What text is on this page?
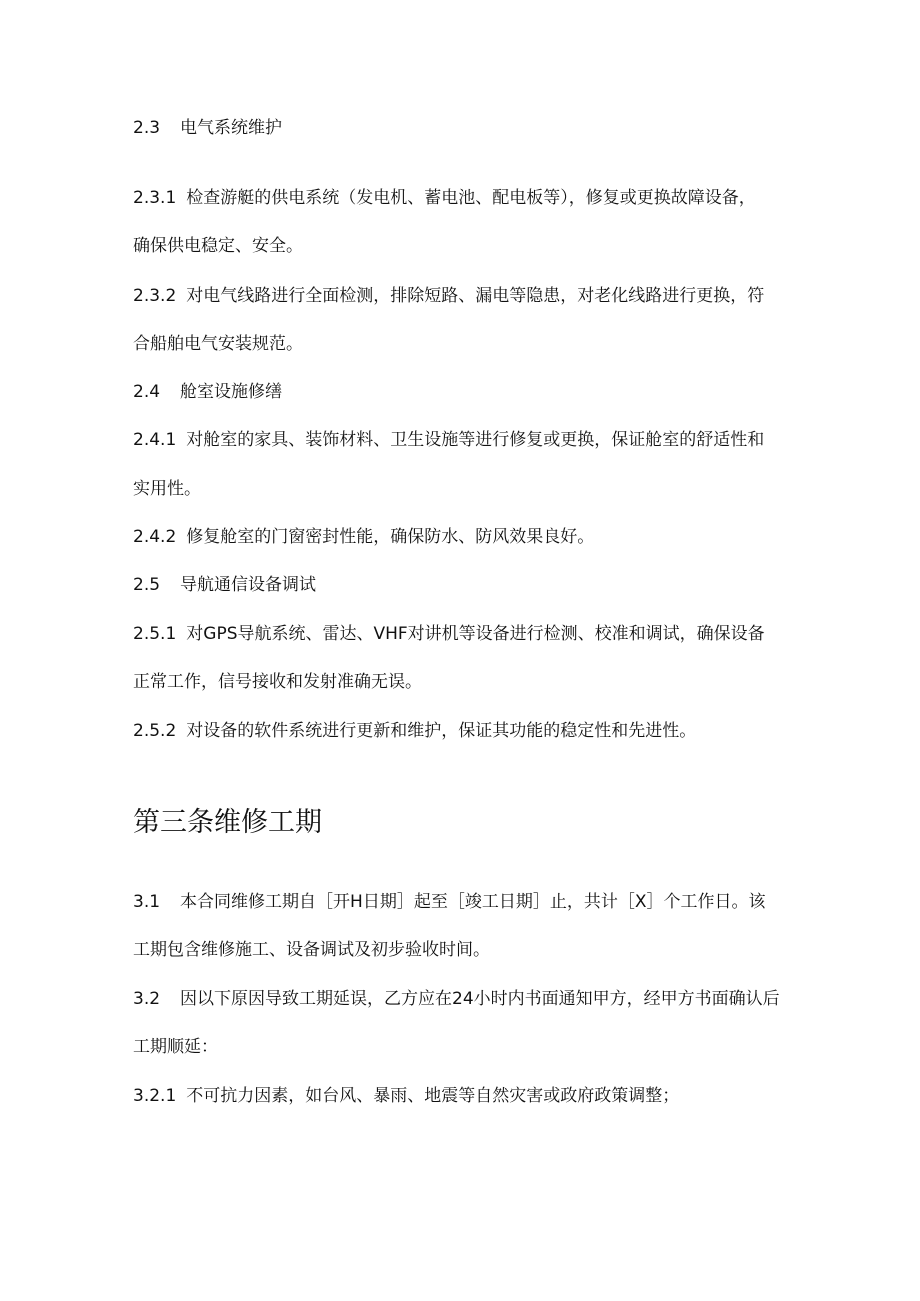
2.3 电气系统维护
2.3.1 检查游艇的供电系统（发电机、蓄电池、配电板等），修复或更换故障设备，
确保供电稳定、安全。
2.3.2 对电气线路进行全面检测，排除短路、漏电等隐患，对老化线路进行更换，符
合船舶电气安装规范。
2.4 舱室设施修缮
2.4.1 对舱室的家具、装饰材料、卫生设施等进行修复或更换，保证舱室的舒适性和
实用性。
2.4.2 修复舱室的门窗密封性能，确保防水、防风效果良好。
2.5 导航通信设备调试
2.5.1 对GPS导航系统、雷达、VHF对讲机等设备进行检测、校准和调试，确保设备
正常工作，信号接收和发射准确无误。
2.5.2 对设备的软件系统进行更新和维护，保证其功能的稳定性和先进性。
第三条维修工期
3.1 本合同维修工期自［开H日期］起至［竣工日期］止，共计［X］个工作日。该
工期包含维修施工、设备调试及初步验收时间。
3.2 因以下原因导致工期延误，乙方应在24小时内书面通知甲方，经甲方书面确认后
工期顺延：
3.2.1 不可抗力因素，如台风、暴雨、地震等自然灾害或政府政策调整；
